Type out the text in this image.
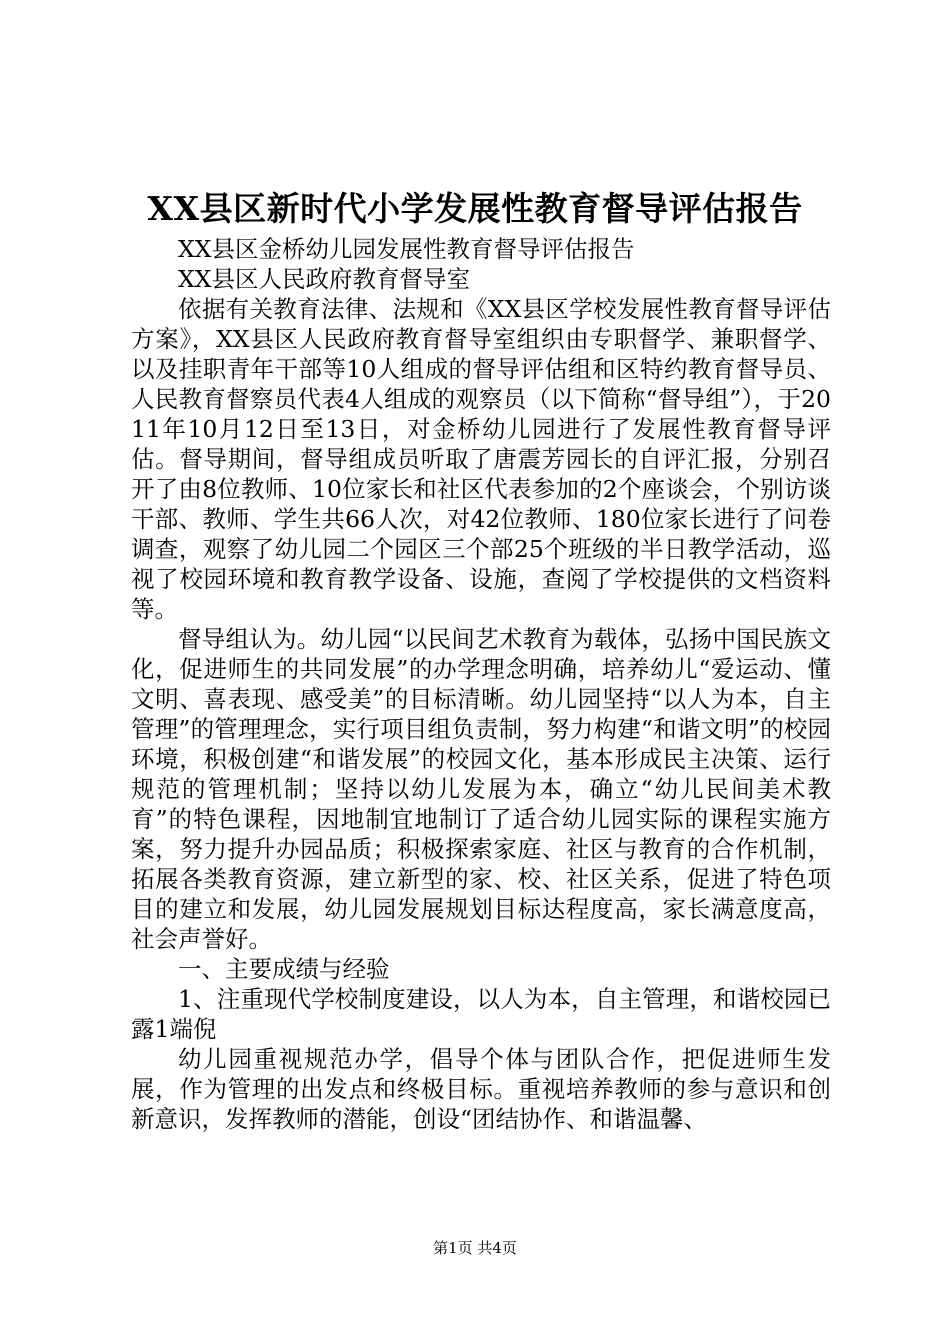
XX县区新时代小学发展性教育督导评估报告

XX县区金桥幼儿园发展性教育督导评估报告

XX县区人民政府教育督导室

依据有关教育法律、法规和《XX县区学校发展性教育督导评估方案》，XX县区人民政府教育督导室组织由专职督学、兼职督学、以及挂职青年干部等10人组成的督导评估组和区特约教育督导员、人民教育督察员代表4人组成的观察员（以下简称“督导组”），于2011年10月12日至13日，对金桥幼儿园进行了发展性教育督导评估。督导期间，督导组成员听取了唐震芳园长的自评汇报，分别召开了由8位教师、10位家长和社区代表参加的2个座谈会，个别访谈干部、教师、学生共66人次，对42位教师、180位家长进行了问卷调查，观察了幼儿园二个园区三个部25个班级的半日教学活动，巡视了校园环境和教育教学设备、设施，查阅了学校提供的文档资料等。

督导组认为。幼儿园“以民间艺术教育为载体，弘扬中国民族文化，促进师生的共同发展”的办学理念明确，培养幼儿“爱运动、懂文明、喜表现、感受美”的目标清晰。幼儿园坚持“以人为本，自主管理”的管理理念，实行项目组负责制，努力构建“和谐文明”的校园环境，积极创建“和谐发展”的校园文化，基本形成民主决策、运行规范的管理机制；坚持以幼儿发展为本，确立“幼儿民间美术教育”的特色课程，因地制宜地制订了适合幼儿园实际的课程实施方案，努力提升办园品质；积极探索家庭、社区与教育的合作机制，拓展各类教育资源，建立新型的家、校、社区关系，促进了特色项目的建立和发展，幼儿园发展规划目标达程度高，家长满意度高，社会声誉好。

一、主要成绩与经验

1、注重现代学校制度建设，以人为本，自主管理，和谐校园已露1端倪

幼儿园重视规范办学，倡导个体与团队合作，把促进师生发展，作为管理的出发点和终极目标。重视培养教师的参与意识和创新意识，发挥教师的潜能，创设“团结协作、和谐温馨、

第1页 共4页
